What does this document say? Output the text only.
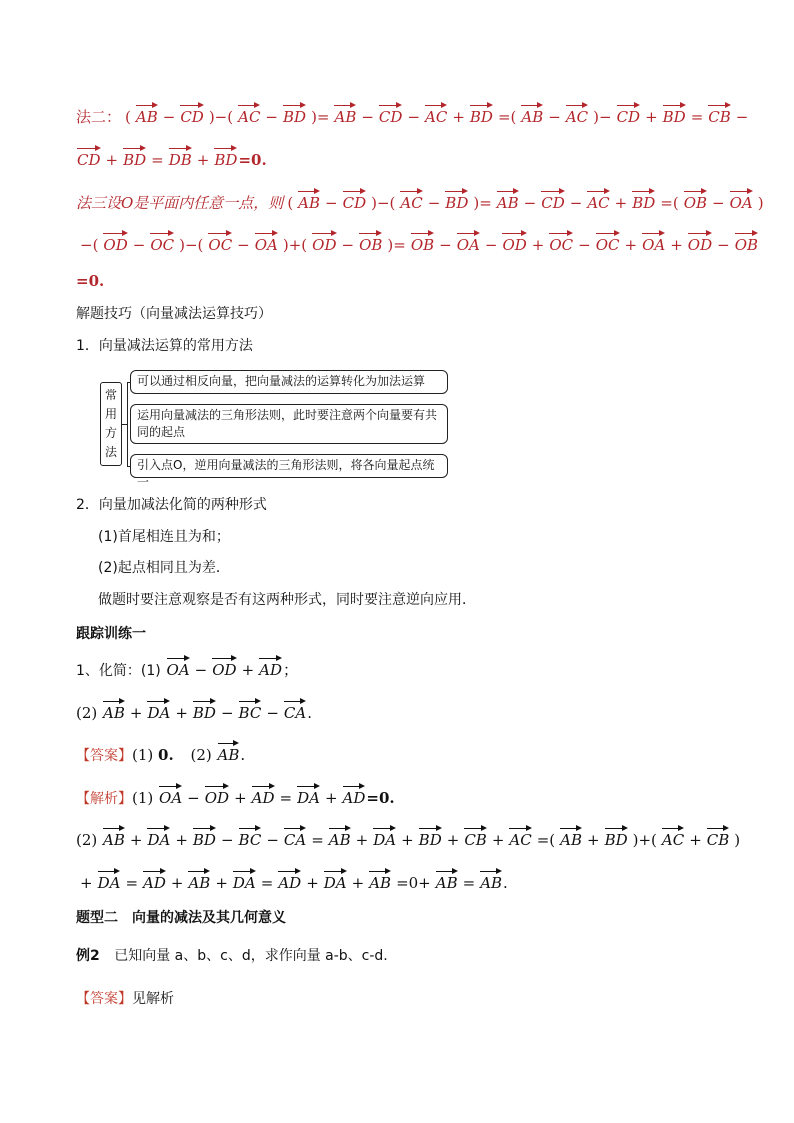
法二： ( AB − CD )−( AC − BD )= AB − CD − AC + BD =( AB − AC )− CD + BD = CB −
CD + BD = DB + BD=0.
法三设O是平面内任意一点，则 ( AB − CD )−( AC − BD )= AB − CD − AC + BD =( OB − OA )
−( OD − OC )−( OC − OA )+( OD − OB )= OB − OA − OD + OC − OC + OA + OD − OB
=0.
解题技巧（向量减法运算技巧）
1．向量减法运算的常用方法
常
用
方
法
可以通过相反向量，把向量减法的运算转化为加法运算
运用向量减法的三角形法则，此时要注意两个向量要有共同的起点
引入点O，逆用向量减法的三角形法则，将各向量起点统一
2．向量加减法化简的两种形式
(1)首尾相连且为和；
(2)起点相同且为差．
做题时要注意观察是否有这两种形式，同时要注意逆向应用．
跟踪训练一
1、化简：(1) OA − OD + AD；
(2) AB + DA + BD − BC − CA.
【答案】(1) 0. (2) AB.
【解析】(1) OA − OD + AD = DA + AD=0.
(2) AB + DA + BD − BC − CA = AB + DA + BD + CB + AC =( AB + BD )+( AC + CB )
+ DA = AD + AB + DA = AD + DA + AB =0+ AB = AB.
题型二　向量的减法及其几何意义
例2 已知向量 a、b、c、d，求作向量 a-b、c-d.
【答案】见解析
